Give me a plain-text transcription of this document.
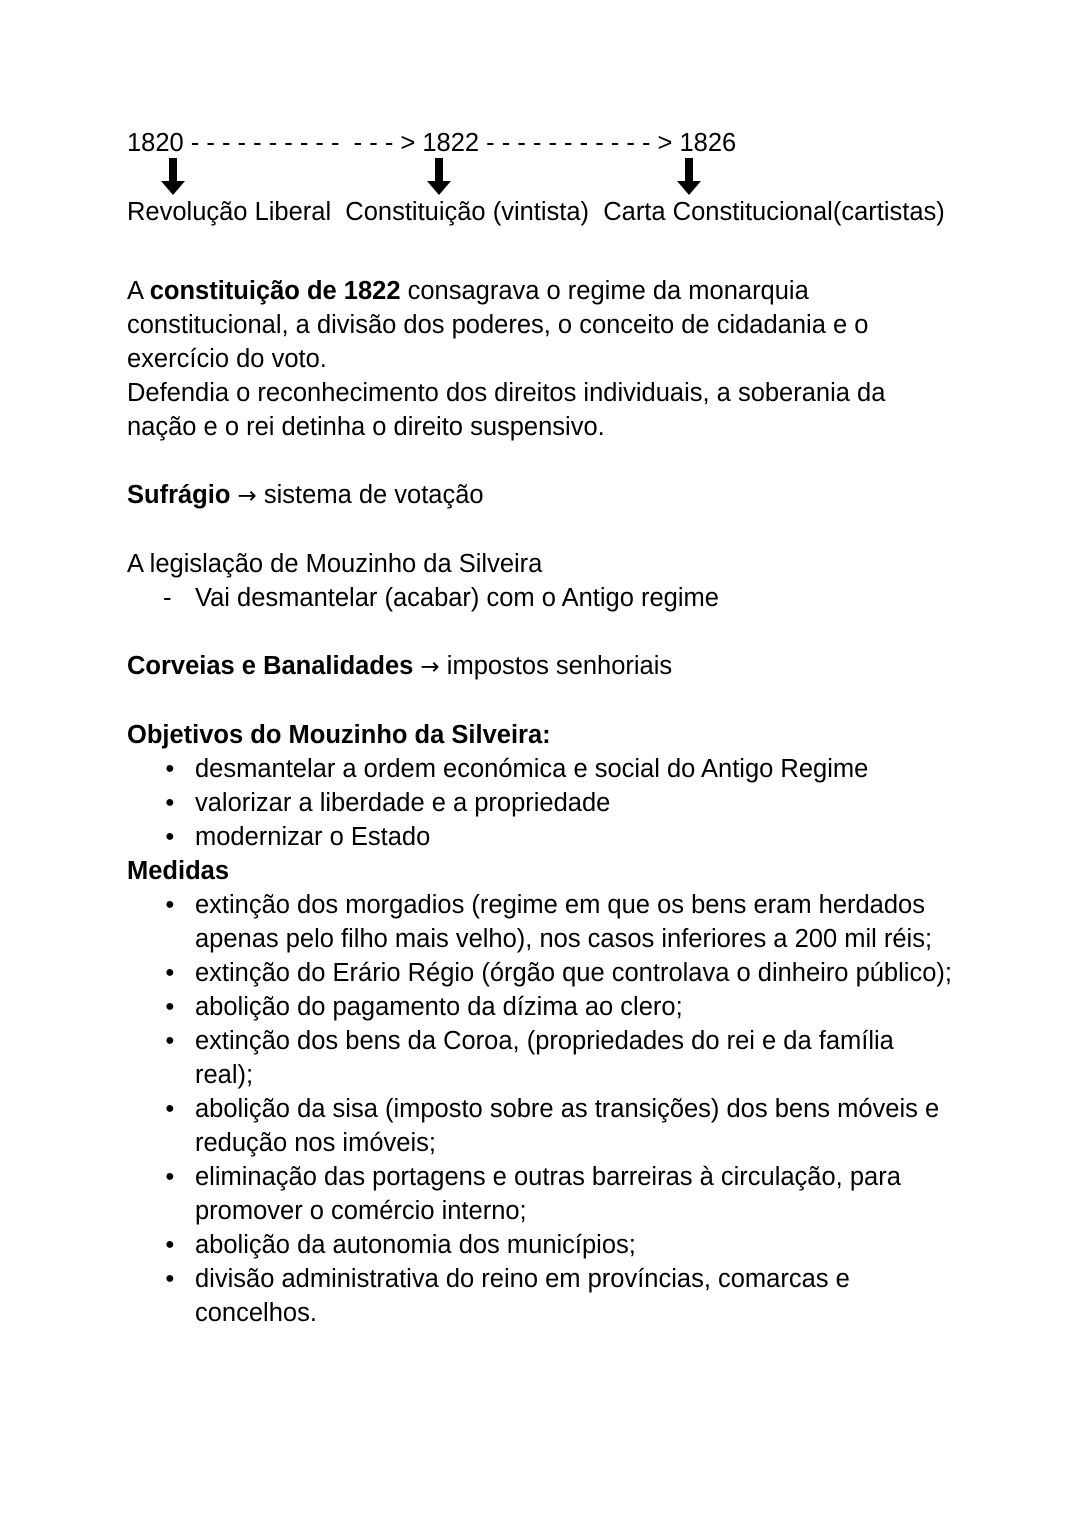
1820 - - - - - - - - - -  - - - > 1822 - - - - - - - - - - - > 1826
Revolução Liberal  Constituição (vintista)  Carta Constitucional(cartistas)

A constituição de 1822 consagrava o regime da monarquia constitucional, a divisão dos poderes, o conceito de cidadania e o exercício do voto.

Defendia o reconhecimento dos direitos individuais, a soberania da nação e o rei detinha o direito suspensivo.

Sufrágio → sistema de votação

A legislação de Mouzinho da Silveira

- Vai desmantelar (acabar) com o Antigo regime

Corveias e Banalidades → impostos senhoriais

Objetivos do Mouzinho da Silveira:

● desmantelar a ordem económica e social do Antigo Regime
● valorizar a liberdade e a propriedade
● modernizar o Estado

Medidas

● extinção dos morgadios (regime em que os bens eram herdados apenas pelo filho mais velho), nos casos inferiores a 200 mil réis;
● extinção do Erário Régio (órgão que controlava o dinheiro público);
● abolição do pagamento da dízima ao clero;
● extinção dos bens da Coroa, (propriedades do rei e da família real);
● abolição da sisa (imposto sobre as transições) dos bens móveis e redução nos imóveis;
● eliminação das portagens e outras barreiras à circulação, para promover o comércio interno;
● abolição da autonomia dos municípios;
● divisão administrativa do reino em províncias, comarcas e concelhos.
